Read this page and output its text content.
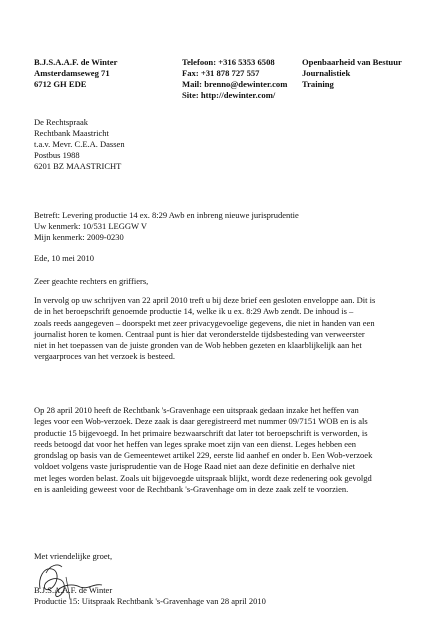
B.J.S.A.A.F. de Winter
Amsterdamseweg 71
6712 GH EDE
Telefoon: +316 5353 6508
Fax: +31 878 727 557
Mail: brenno@dewinter.com
Site: http://dewinter.com/
Openbaarheid van Bestuur
Journalistiek
Training
De Rechtspraak
Rechtbank Maastricht
t.a.v. Mevr. C.E.A. Dassen
Postbus 1988
6201 BZ MAASTRICHT
Betreft: Levering productie 14 ex. 8:29 Awb en inbreng nieuwe jurisprudentie
Uw kenmerk: 10/531 LEGGW V
Mijn kenmerk: 2009-0230
Ede, 10 mei 2010
Zeer geachte rechters en griffiers,
In vervolg op uw schrijven van 22 april 2010 treft u bij deze brief een gesloten enveloppe aan. Dit is
de in het beroepschrift genoemde productie 14, welke ik u ex. 8:29 Awb zendt. De inhoud is –
zoals reeds aangegeven – doorspekt met zeer privacygevoelige gegevens, die niet in handen van een
journalist horen te komen. Centraal punt is hier dat veronderstelde tijdsbesteding van verweerster
niet in het toepassen van de juiste gronden van de Wob hebben gezeten en klaarblijkelijk aan het
vergaarproces van het verzoek is besteed.
Op 28 april 2010 heeft de Rechtbank 's-Gravenhage een uitspraak gedaan inzake het heffen van
leges voor een Wob-verzoek. Deze zaak is daar geregistreerd met nummer 09/7151 WOB en is als
productie 15 bijgevoegd. In het primaire bezwaarschrift dat later tot beroepschrift is verworden, is
reeds betoogd dat voor het heffen van leges sprake moet zijn van een dienst. Leges hebben een
grondslag op basis van de Gemeentewet artikel 229, eerste lid aanhef en onder b. Een Wob-verzoek
voldoet volgens vaste jurisprudentie van de Hoge Raad niet aan deze definitie en derhalve niet
met leges worden belast. Zoals uit bijgevoegde uitspraak blijkt, wordt deze redenering ook gevolgd
en is aanleiding geweest voor de Rechtbank 's-Gravenhage om in deze zaak zelf te voorzien.
Met vriendelijke groet,
B.J.S.A.A.F. de Winter
Productie 15: Uitspraak Rechtbank 's-Gravenhage van 28 april 2010
